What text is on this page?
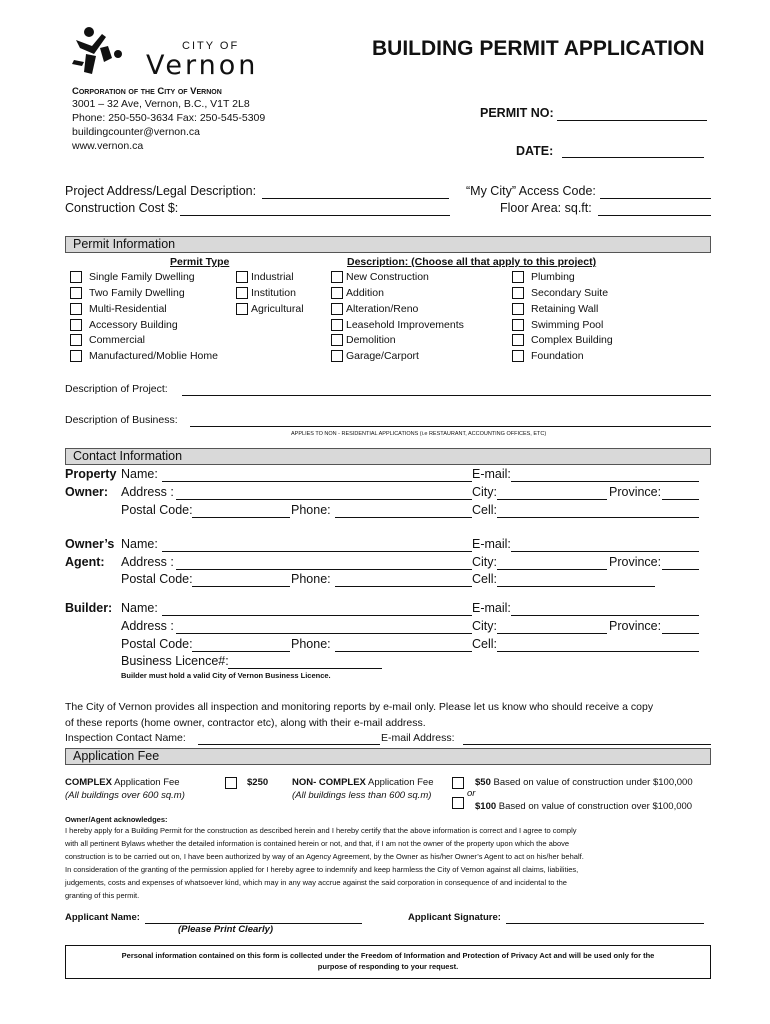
CITY OF
Vernon
BUILDING PERMIT APPLICATION
Corporation of the City of Vernon
3001 – 32 Ave, Vernon, B.C., V1T 2L8
Phone: 250-550-3634 Fax: 250-545-5309
buildingcounter@vernon.ca
www.vernon.ca
PERMIT NO:
DATE:
Project Address/Legal Description:	“My City” Access Code:
Construction Cost $:	Floor Area: sq.ft:
Permit Information
Permit Type	Description: (Choose all that apply to this project)
Single Family Dwelling
Two Family Dwelling
Multi-Residential
Accessory Building
Commercial
Manufactured/Moblie Home
Industrial
Institution
Agricultural
New Construction
Addition
Alteration/Reno
Leasehold Improvements
Demolition
Garage/Carport
Plumbing
Secondary Suite
Retaining Wall
Swimming Pool
Complex Building
Foundation
Description of Project:
Description of Business:
APPLIES TO NON - RESIDENTIAL APPLICATIONS (i.e RESTAURANT, ACCOUNTING OFFICES, ETC)
Contact Information
Property
Owner:
Name:	E-mail:
Address :	City:	Province:
Postal Code:	Phone:	Cell:
Owner’s
Agent:
Name:	E-mail:
Address :	City:	Province:
Postal Code:	Phone:	Cell:
Builder: Name:	E-mail:
Address :	City:	Province:
Postal Code:	Phone:	Cell:
Business Licence#:
Builder must hold a valid City of Vernon Business Licence.
The City of Vernon provides all inspection and monitoring reports by e-mail only. Please let us know who should receive a copy
of these reports (home owner, contractor etc), along with their e-mail address.
Inspection Contact Name:	E-mail Address:
Application Fee
COMPLEX Application Fee
(All buildings over 600 sq.m)
$250	NON- COMPLEX Application Fee
(All buildings less than 600 sq.m)
$50 Based on value of construction under $100,000
or
$100 Based on value of construction over $100,000
Owner/Agent acknowledges:
I hereby apply for a Building Permit for the construction as described herein and I hereby certify that the above information is correct and I agree to comply
with all pertinent Bylaws whether the detailed information is contained herein or not, and that, if I am not the owner of the property upon which the above
construction is to be carried out on, I have been authorized by way of an Agency Agreement, by the Owner as his/her Owner’s Agent to act on his/her behalf.
In consideration of the granting of the permission applied for I hereby agree to indemnify and keep harmless the City of Vernon against all claims, liabilities,
judgements, costs and expenses of whatsoever kind, which may in any way accrue against the said corporation in consequence of and incidental to the
granting of this permit.
Applicant Name:
(Please Print Clearly)
Applicant Signature:
Personal information contained on this form is collected under the Freedom of Information and Protection of Privacy Act and will be used only for the
purpose of responding to your request.
